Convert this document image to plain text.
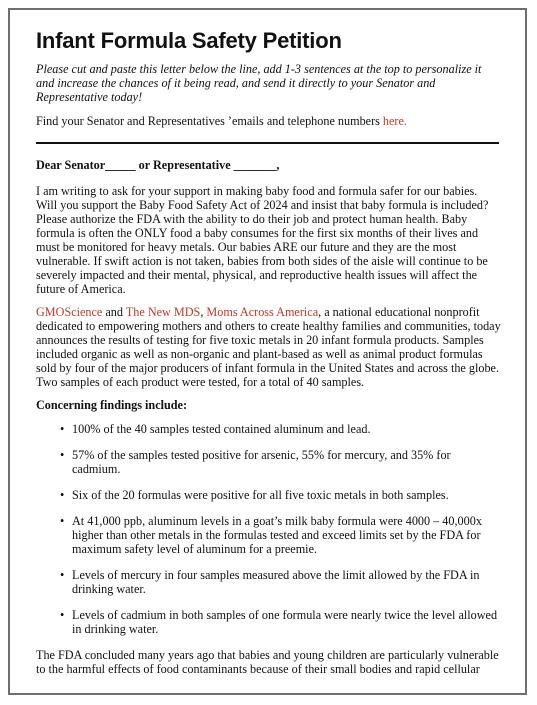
Infant Formula Safety Petition

Please cut and paste this letter below the line, add 1-3 sentences at the top to personalize it and increase the chances of it being read, and send it directly to your Senator and Representative today!

Find your Senator and Representatives ’emails and telephone numbers here.

Dear Senator_____ or Representative _______,

I am writing to ask for your support in making baby food and formula safer for our babies. Will you support the Baby Food Safety Act of 2024 and insist that baby formula is included? Please authorize the FDA with the ability to do their job and protect human health. Baby formula is often the ONLY food a baby consumes for the first six months of their lives and must be monitored for heavy metals. Our babies ARE our future and they are the most vulnerable. If swift action is not taken, babies from both sides of the aisle will continue to be severely impacted and their mental, physical, and reproductive health issues will affect the future of America.

GMOScience and The New MDS, Moms Across America, a national educational nonprofit dedicated to empowering mothers and others to create healthy families and communities, today announces the results of testing for five toxic metals in 20 infant formula products. Samples included organic as well as non-organic and plant-based as well as animal product formulas sold by four of the major producers of infant formula in the United States and across the globe. Two samples of each product were tested, for a total of 40 samples.

Concerning findings include:

• 100% of the 40 samples tested contained aluminum and lead.
• 57% of the samples tested positive for arsenic, 55% for mercury, and 35% for cadmium.
• Six of the 20 formulas were positive for all five toxic metals in both samples.
• At 41,000 ppb, aluminum levels in a goat’s milk baby formula were 4000 – 40,000x higher than other metals in the formulas tested and exceed limits set by the FDA for maximum safety level of aluminum for a preemie.
• Levels of mercury in four samples measured above the limit allowed by the FDA in drinking water.
• Levels of cadmium in both samples of one formula were nearly twice the level allowed in drinking water.

The FDA concluded many years ago that babies and young children are particularly vulnerable to the harmful effects of food contaminants because of their small bodies and rapid cellular
